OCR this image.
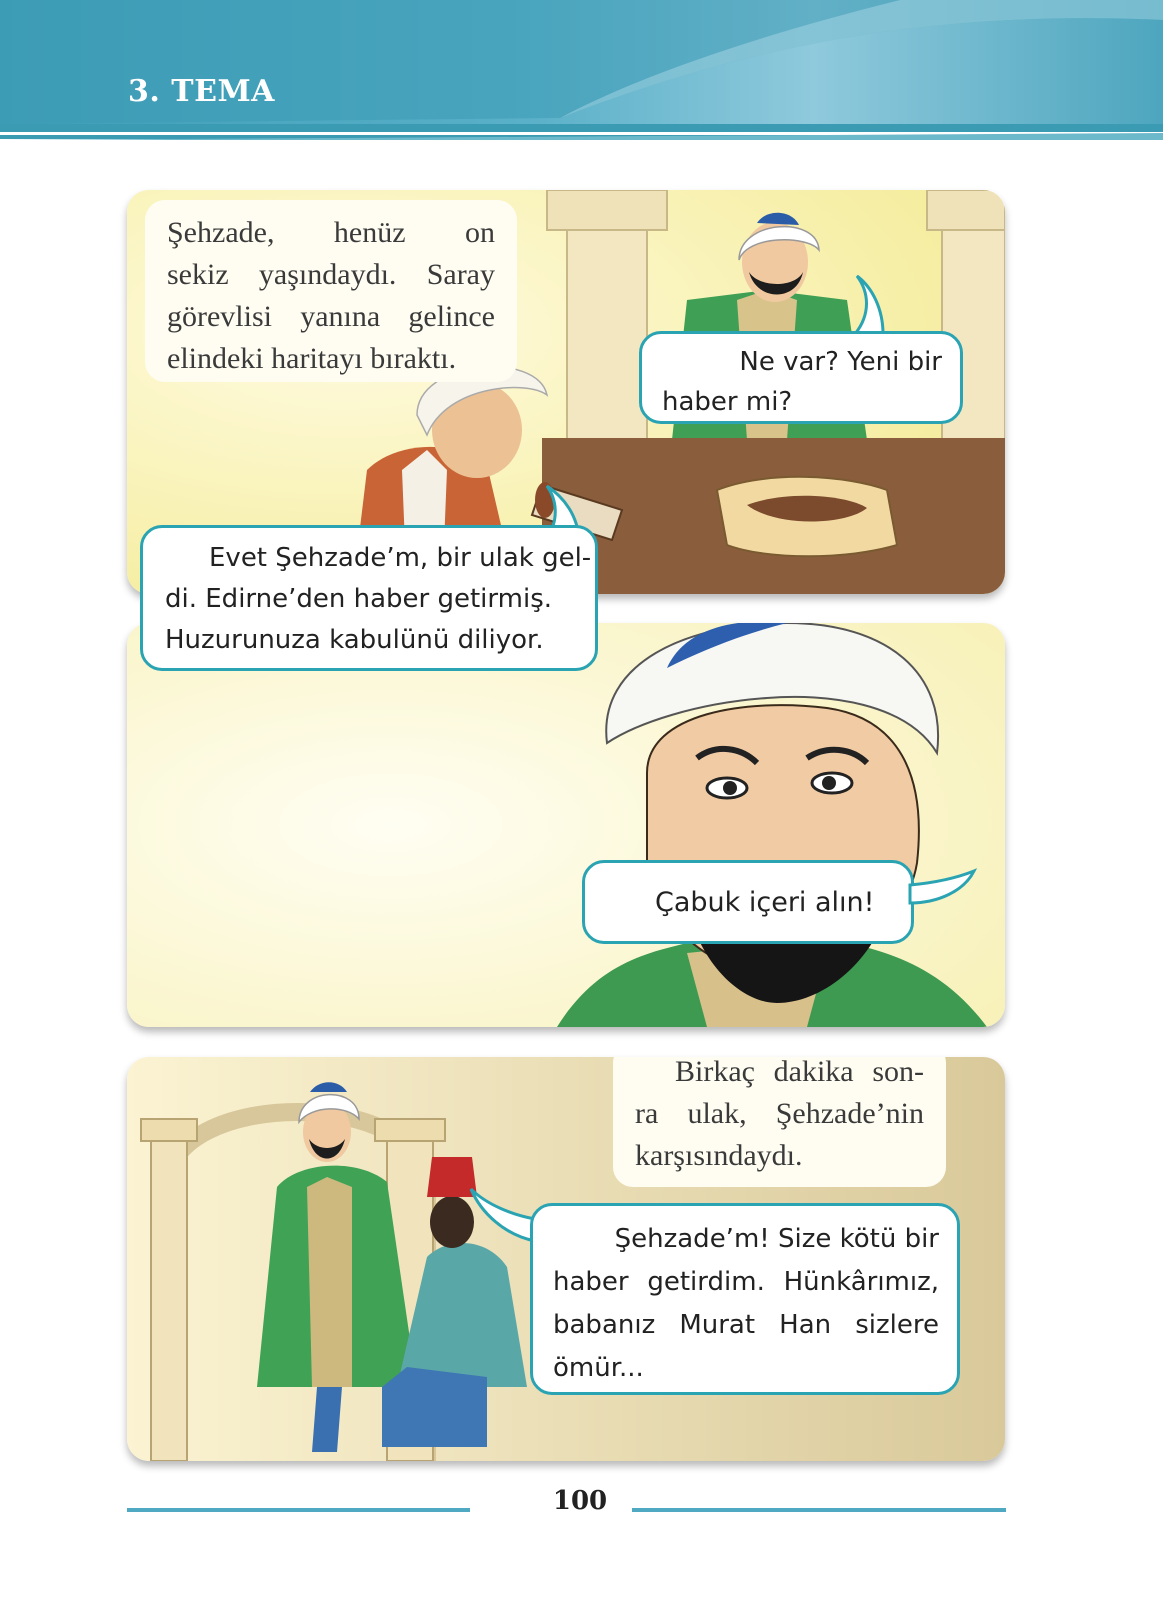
3. TEMA
Şehzade, henüz on
sekiz yaşındaydı. Saray
görevlisi yanına gelince
elindeki haritayı bıraktı.	Ne var? Yeni bir
haber mi?
Çabuk içeri alın!
Evet Şehzade’m, bir ulak gel-
di. Edirne’den haber getirmiş.
Huzurunuza kabulünü diliyor.
Birkaç dakika son-
ra ulak, Şehzade’nin
karşısındaydı.
Şehzade’m! Size kötü bir
haber getirdim. Hünkârımız,
babanız Murat Han sizlere
ömür...
100
